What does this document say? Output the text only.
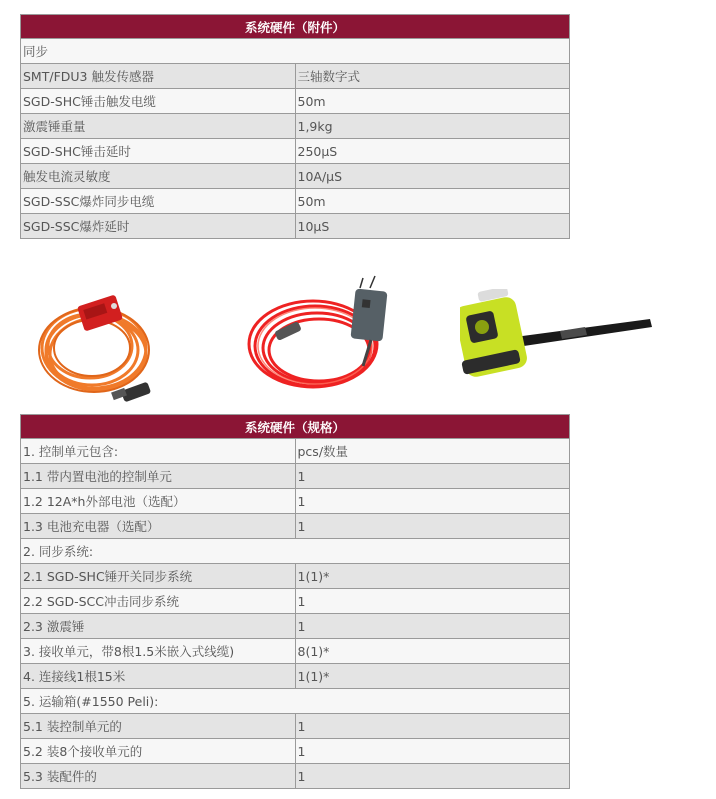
系统硬件（附件）	
同步	
SMT/FDU3 触发传感器	三轴数字式
SGD-SHC锤击触发电缆	50m
激震锤重量	1,9kg
SGD-SHC锤击延时	250μS
触发电流灵敏度	10A/μS
SGD-SSC爆炸同步电缆	50m
SGD-SSC爆炸延时	10μS
系统硬件（规格）	
1. 控制单元包含:	pcs/数量
1.1 带内置电池的控制单元	1
1.2 12A*h外部电池（选配）	1
1.3 电池充电器（选配）	1
2. 同步系统:	
2.1 SGD-SHC锤开关同步系统	1(1)*
2.2 SGD-SCC冲击同步系统	1
2.3 激震锤	1
3. 接收单元，带8根1.5米嵌入式线缆)	8(1)*
4. 连接线1根15米	1(1)*
5. 运输箱(#1550 Peli):	
5.1 装控制单元的	1
5.2 装8个接收单元的	1
5.3 装配件的	1
